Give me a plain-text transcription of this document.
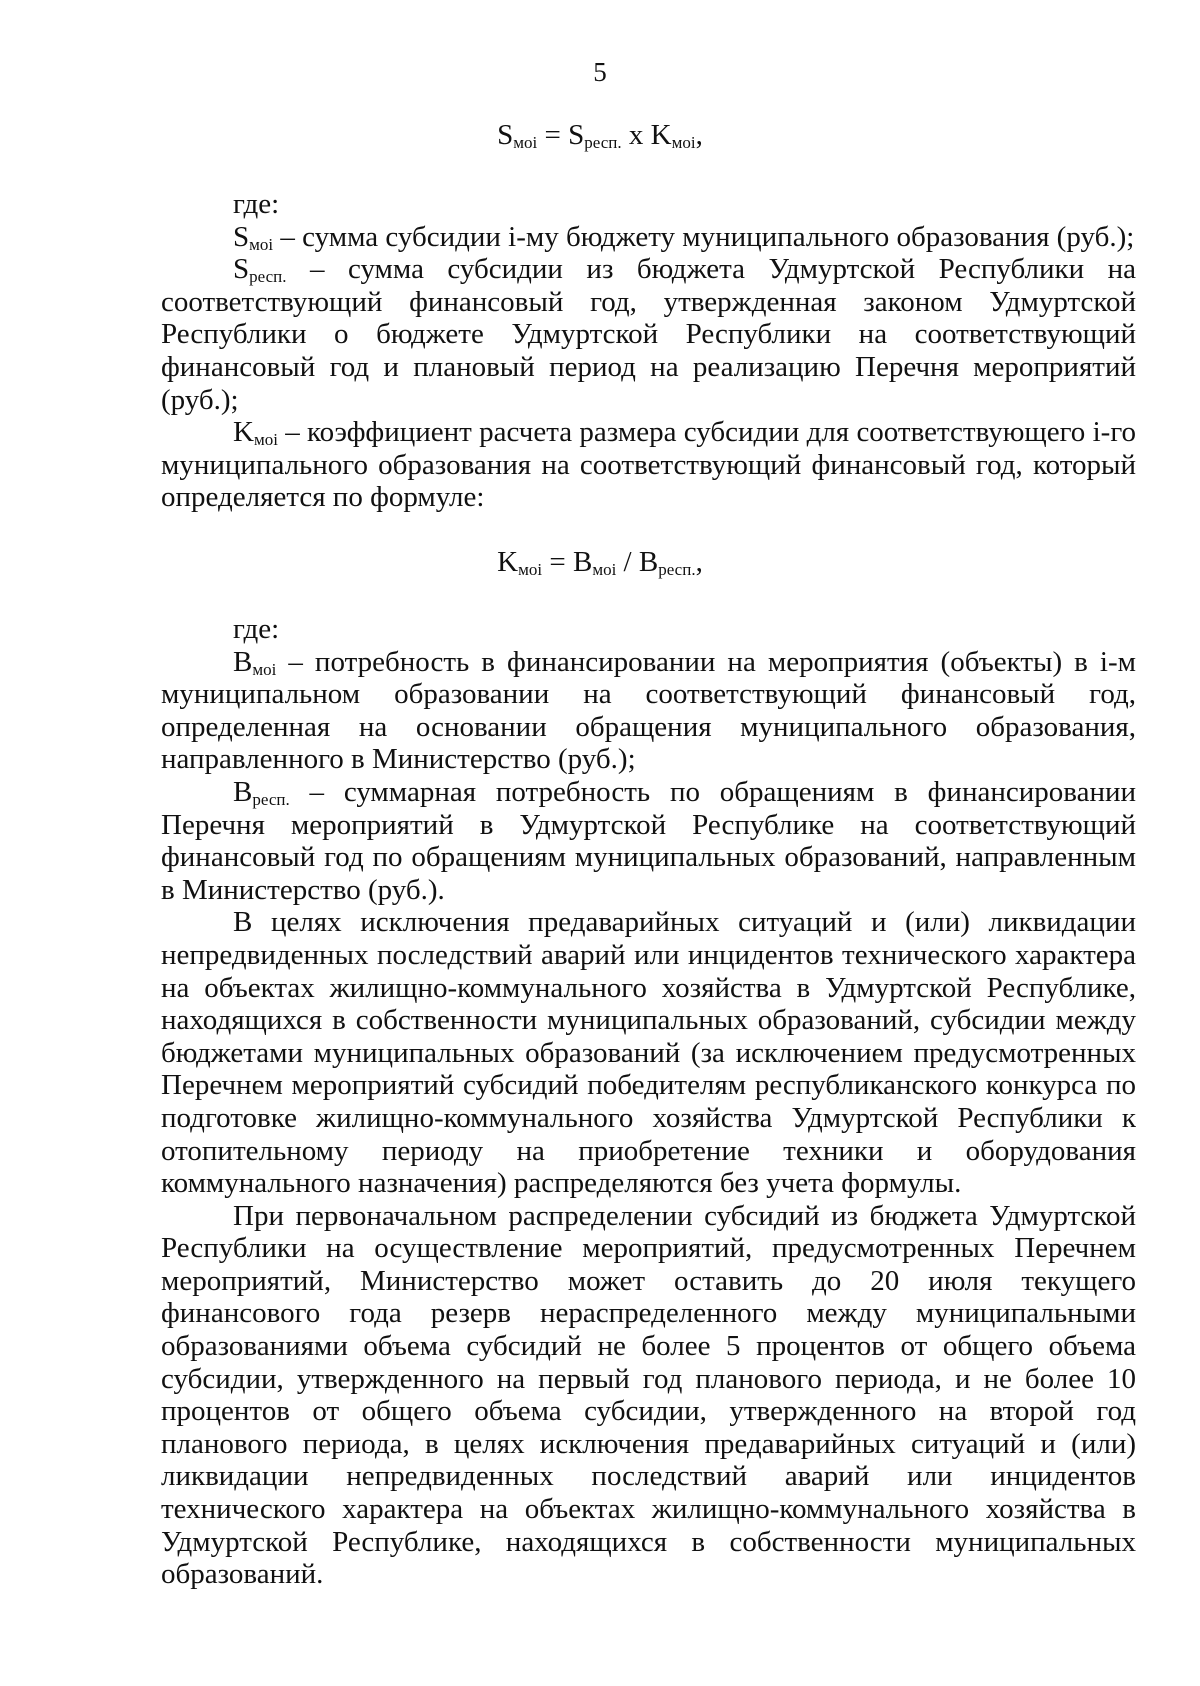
5
$S_{мoi} = S_{респ.}$ x $K_{мoi}$,

где:

$S_{мoi}$ – сумма субсидии i-му бюджету муниципального образования (руб.);

$S_{респ.}$ – сумма субсидии из бюджета Удмуртской Республики на соответствующий финансовый год, утвержденная законом Удмуртской Республики о бюджете Удмуртской Республики на соответствующий финансовый год и плановый период на реализацию Перечня мероприятий (руб.);

$K_{мoi}$ – коэффициент расчета размера субсидии для соответствующего i-го муниципального образования на соответствующий финансовый год, который определяется по формуле:

$K_{мoi} = B_{мoi} / B_{респ.}$,

где:

$B_{мoi}$ – потребность в финансировании на мероприятия (объекты) в i-м муниципальном образовании на соответствующий финансовый год, определенная на основании обращения муниципального образования, направленного в Министерство (руб.);

$B_{респ.}$ – суммарная потребность по обращениям в финансировании Перечня мероприятий в Удмуртской Республике на соответствующий финансовый год по обращениям муниципальных образований, направленным в Министерство (руб.).

В целях исключения предаварийных ситуаций и (или) ликвидации непредвиденных последствий аварий или инцидентов технического характера на объектах жилищно-коммунального хозяйства в Удмуртской Республике, находящихся в собственности муниципальных образований, субсидии между бюджетами муниципальных образований (за исключением предусмотренных Перечнем мероприятий субсидий победителям республиканского конкурса по подготовке жилищно-коммунального хозяйства Удмуртской Республики к отопительному периоду на приобретение техники и оборудования коммунального назначения) распределяются без учета формулы.

При первоначальном распределении субсидий из бюджета Удмуртской Республики на осуществление мероприятий, предусмотренных Перечнем мероприятий, Министерство может оставить до 20 июля текущего финансового года резерв нераспределенного между муниципальными образованиями объема субсидий не более 5 процентов от общего объема субсидии, утвержденного на первый год планового периода, и не более 10 процентов от общего объема субсидии, утвержденного на второй год планового периода, в целях исключения предаварийных ситуаций и (или) ликвидации непредвиденных последствий аварий или инцидентов технического характера на объектах жилищно-коммунального хозяйства в Удмуртской Республике, находящихся в собственности муниципальных образований.
